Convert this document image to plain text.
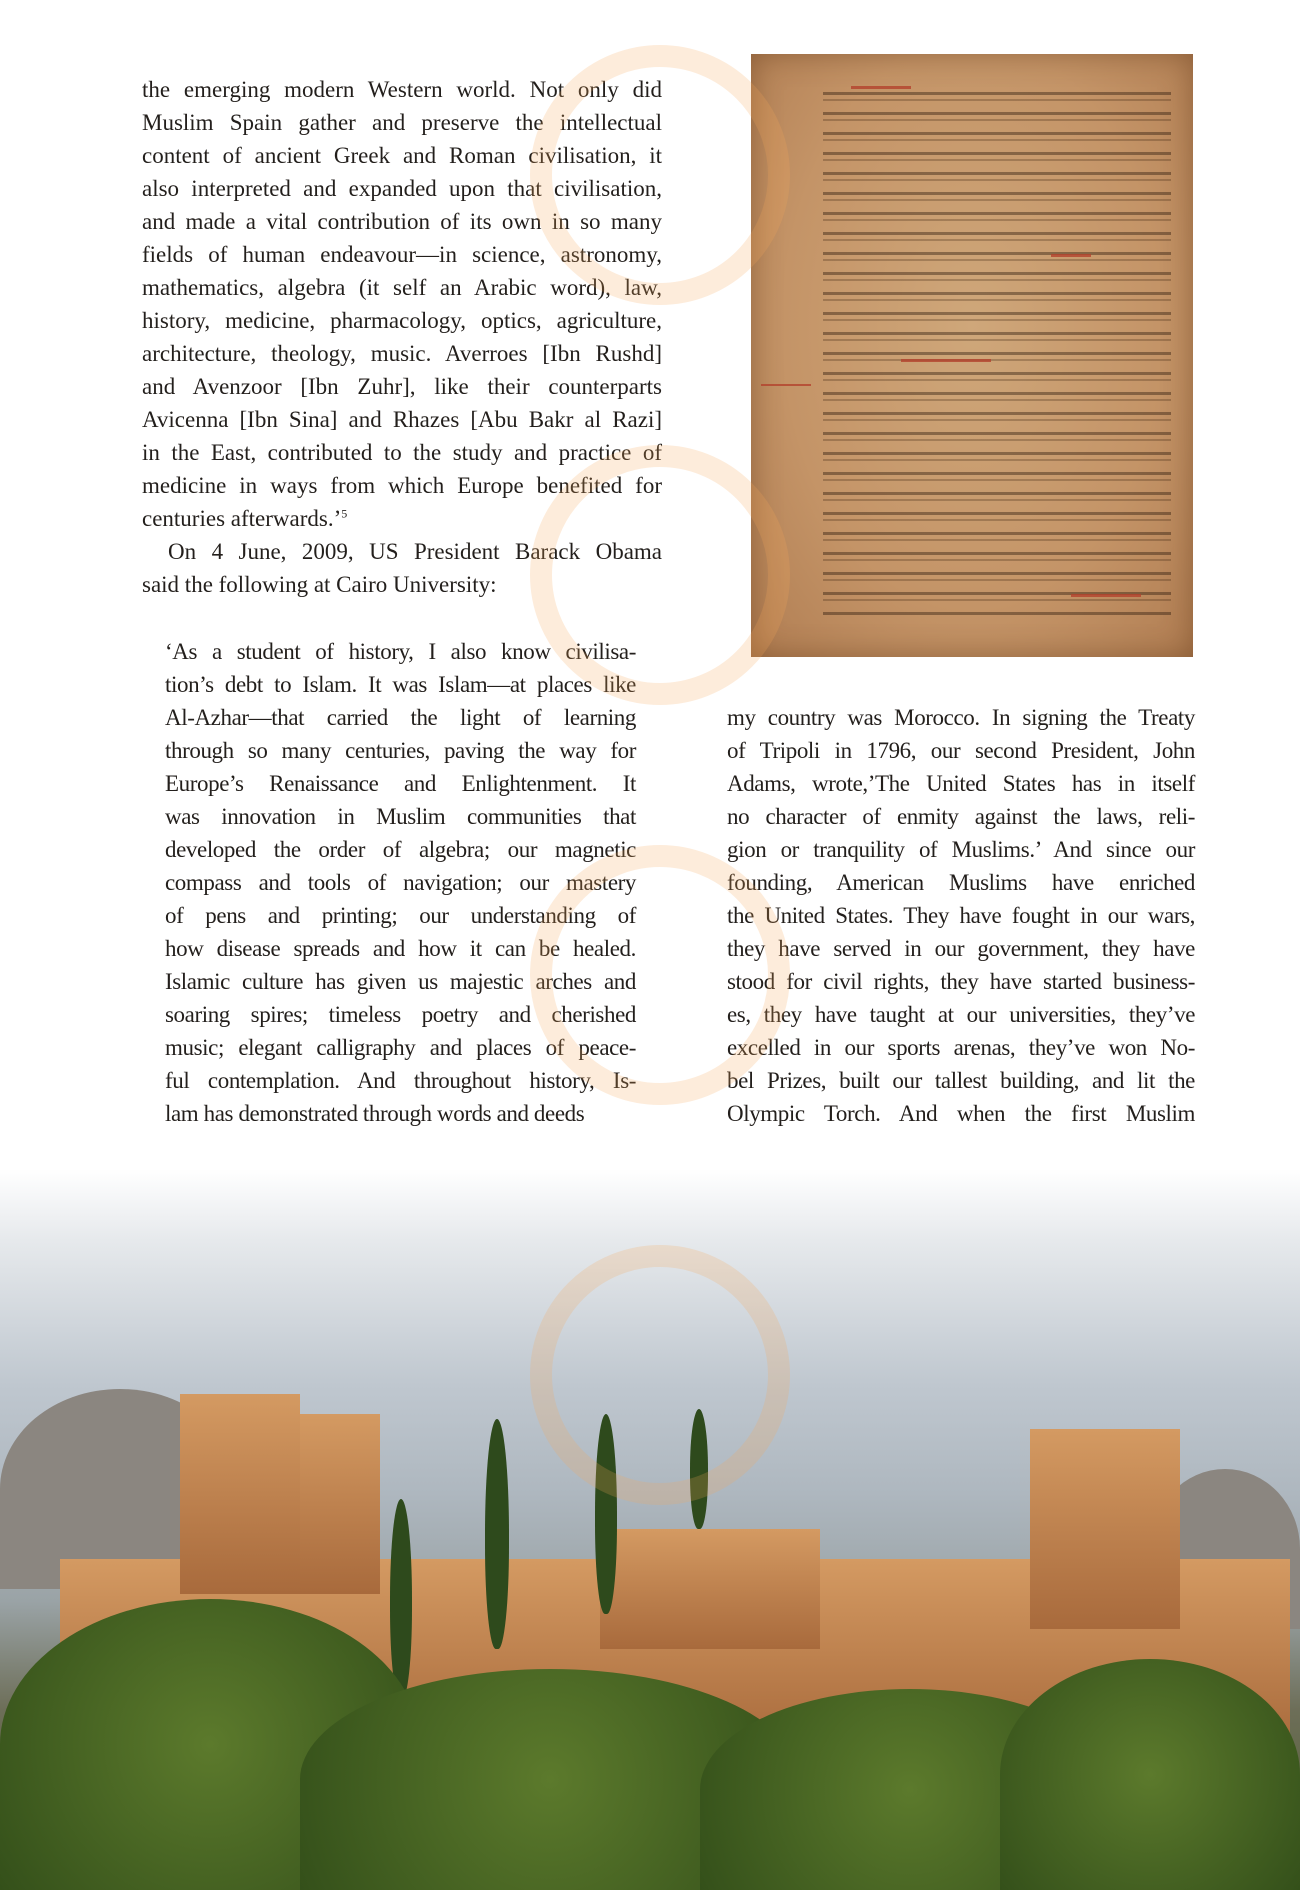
the emerging modern Western world. Not only did
Muslim Spain gather and preserve the intellectual
content of ancient Greek and Roman civilisation, it
also interpreted and expanded upon that civilisation,
and made a vital contribution of its own in so many
fields of human endeavour—in science, astronomy,
mathematics, algebra (it self an Arabic word), law,
history, medicine, pharmacology, optics, agriculture,
architecture, theology, music. Averroes [Ibn Rushd]
and Avenzoor [Ibn Zuhr], like their counterparts
Avicenna [Ibn Sina] and Rhazes [Abu Bakr al Razi]
in the East, contributed to the study and practice of
medicine in ways from which Europe benefited for
centuries afterwards.’$^5$
On 4 June, 2009, US President Barack Obama
said the following at Cairo University:
‘As a student of history, I also know civilisa-
tion’s debt to Islam. It was Islam—at places like
Al-Azhar—that carried the light of learning
through so many centuries, paving the way for
Europe’s Renaissance and Enlightenment. It
was innovation in Muslim communities that
developed the order of algebra; our magnetic
compass and tools of navigation; our mastery
of pens and printing; our understanding of
how disease spreads and how it can be healed.
Islamic culture has given us majestic arches and
soaring spires; timeless poetry and cherished
music; elegant calligraphy and places of peace-
ful contemplation. And throughout history, Is-
lam has demonstrated through words and deeds
my country was Morocco. In signing the Treaty
of Tripoli in 1796, our second President, John
Adams, wrote,’The United States has in itself
no character of enmity against the laws, reli-
gion or tranquility of Muslims.’ And since our
founding, American Muslims have enriched
the United States. They have fought in our wars,
they have served in our government, they have
stood for civil rights, they have started business-
es, they have taught at our universities, they’ve
excelled in our sports arenas, they’ve won No-
bel Prizes, built our tallest building, and lit the
Olympic Torch. And when the first Muslim
